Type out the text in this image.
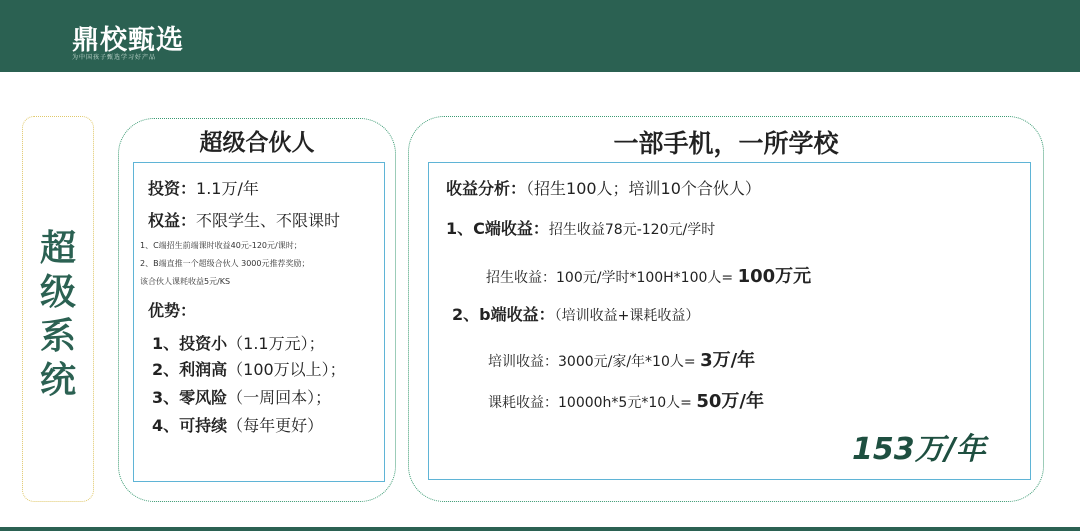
鼎校甄选
为中国孩子甄选学习好产品
超
级
系
统
超级合伙人
投资：1.1万/年
权益：不限学生、不限课时
1、C端招生前端课时收益40元-120元/课时；
2、B端直推一个超级合伙人 3000元推荐奖励；
该合伙人课耗收益5元/KS
优势：
1、投资小（1.1万元）；
2、利润高（100万以上）；
3、零风险（一周回本）；
4、可持续（每年更好）
一部手机，一所学校
收益分析：（招生100人；培训10个合伙人）
1、C端收益：招生收益78元-120元/学时
招生收益：100元/学时*100H*100人= 100万元
2、b端收益：（培训收益+课耗收益）
培训收益：3000元/家/年*10人= 3万/年
课耗收益：10000h*5元*10人= 50万/年
153万/年
